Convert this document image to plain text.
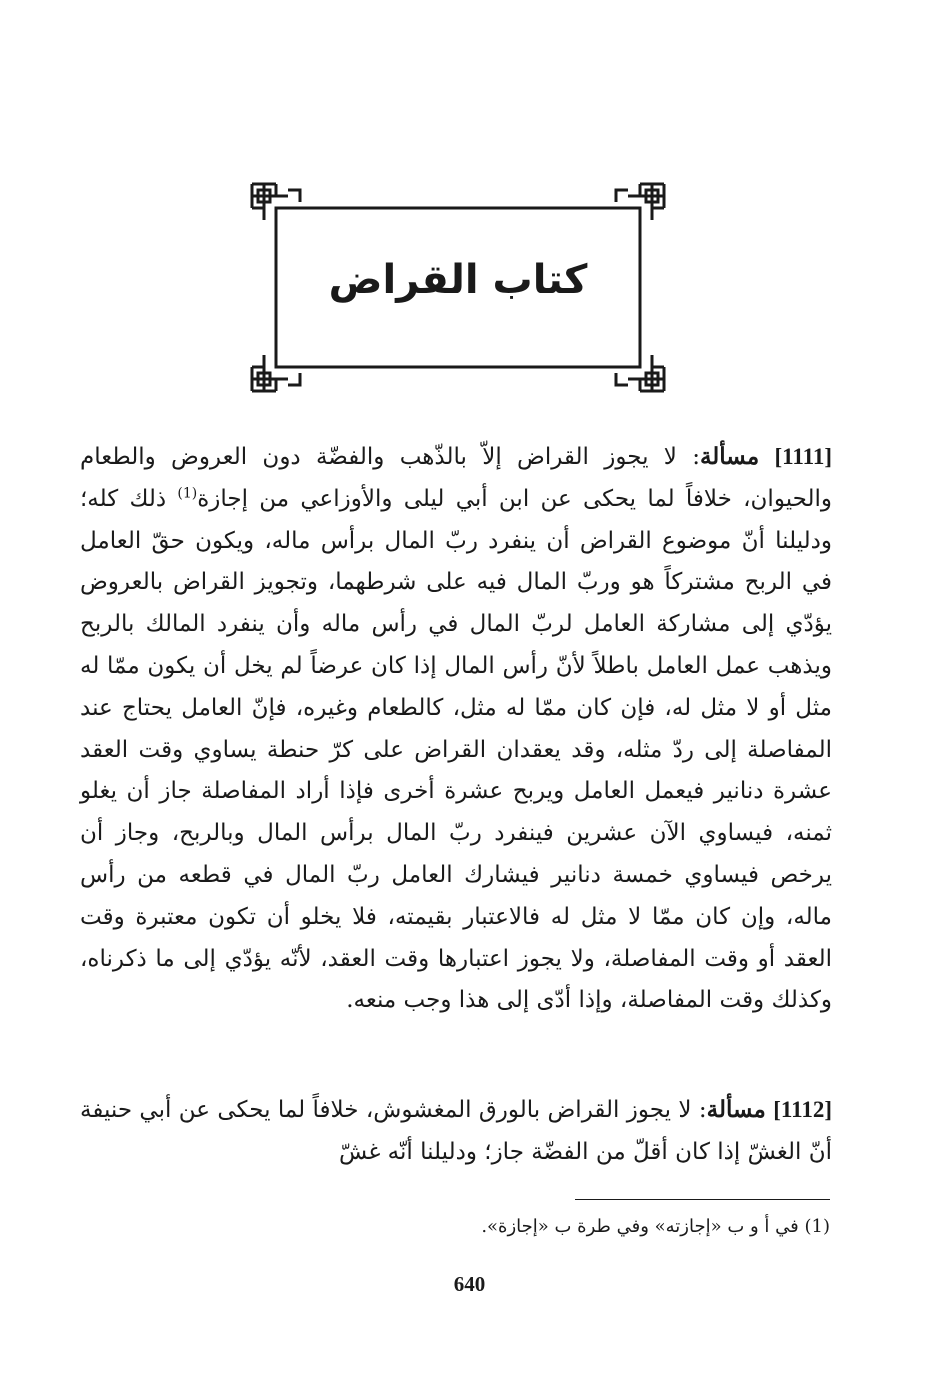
كتاب القراض
[1111] مسألة: لا يجوز القراض إلاّ بالذّهب والفضّة دون العروض والطعام والحيوان، خلافاً لما يحكى عن ابن أبي ليلى والأوزاعي من إجازة$^{(1)}$ ذلك كله؛ ودليلنا أنّ موضوع القراض أن ينفرد ربّ المال برأس ماله، ويكون حقّ العامل في الربح مشتركاً هو وربّ المال فيه على شرطهما، وتجويز القراض بالعروض يؤدّي إلى مشاركة العامل لربّ المال في رأس ماله وأن ينفرد المالك بالربح ويذهب عمل العامل باطلاً لأنّ رأس المال إذا كان عرضاً لم يخل أن يكون ممّا له مثل أو لا مثل له، فإن كان ممّا له مثل، كالطعام وغيره، فإنّ العامل يحتاج عند المفاصلة إلى ردّ مثله، وقد يعقدان القراض على كرّ حنطة يساوي وقت العقد عشرة دنانير فيعمل العامل ويربح عشرة أخرى فإذا أراد المفاصلة جاز أن يغلو ثمنه، فيساوي الآن عشرين فينفرد ربّ المال برأس المال وبالربح، وجاز أن يرخص فيساوي خمسة دنانير فيشارك العامل ربّ المال في قطعه من رأس ماله، وإن كان ممّا لا مثل له فالاعتبار بقيمته، فلا يخلو أن تكون معتبرة وقت العقد أو وقت المفاصلة، ولا يجوز اعتبارها وقت العقد، لأنّه يؤدّي إلى ما ذكرناه، وكذلك وقت المفاصلة، وإذا أدّى إلى هذا وجب منعه.
[1112] مسألة: لا يجوز القراض بالورق المغشوش، خلافاً لما يحكى عن أبي حنيفة أنّ الغشّ إذا كان أقلّ من الفضّة جاز؛ ودليلنا أنّه غشّ
(1) في أ و ب «إجازته» وفي طرة ب «إجازة».
640
